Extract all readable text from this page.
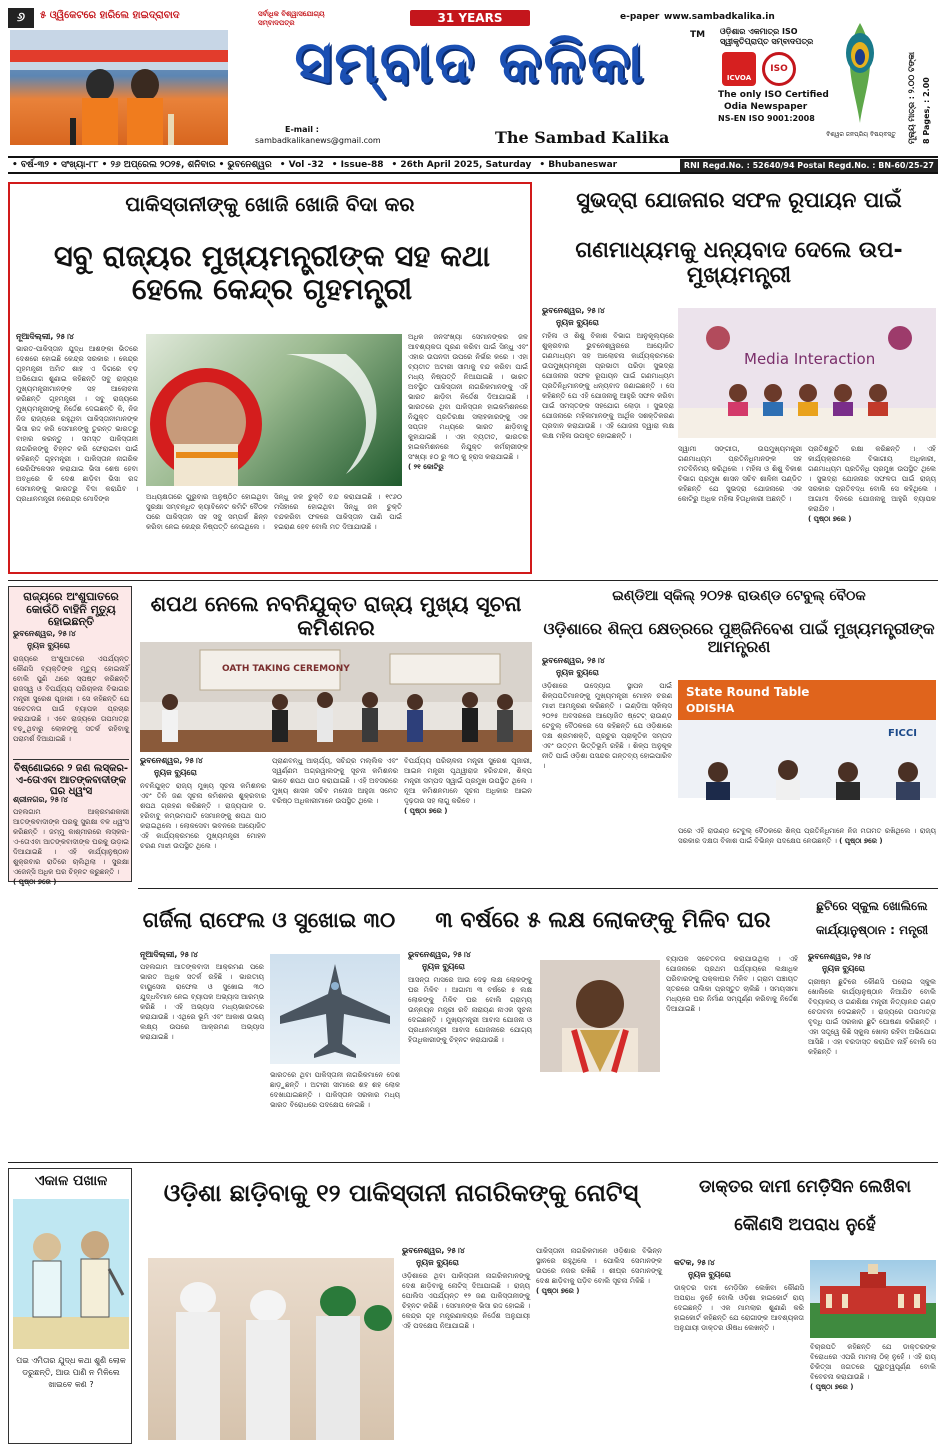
୬	୫ ଓ୍ୱିକେଟରେ ହାରିଲେ ହାଇଦ୍ରାବାଦ	ସର୍ବାଧିକ ବିଶ୍ୱାସଯୋଗ୍ୟ ସମ୍ବାଦପତ୍ର	31 YEARS
TM
ସମ୍ବାଦ କଳିକା
E-mail :
sambadkalikanews@gmail.com	The Sambad Kalika
e-paper www.sambadkalika.in
ଓଡ଼ିଶାର ଏକମାତ୍ର ISO ସ୍ୱୀକୃତିପ୍ରାପ୍ତ ସମ୍ବାଦପତ୍ର
ICVOA
ISO
The only ISO Certified
Odia Newspaper
NS-EN ISO 9001:2008
ବିଶ୍ୱର ଜନପ୍ରିୟ ବିଷୟବସ୍ତୁ ମୂଲ୍ୟ ମାତ୍ର : ୨.୦୦ ଟଙ୍କା 8 Pages, : 2.00
• ବର୍ଷ-୩୨ • ସଂଖ୍ୟା-୮୮ • ୨୬ ଅପ୍ରେଲ ୨୦୨୫, ଶନିବାର • ଭୁବନେଶ୍ୱର • Vol -32 • Issue-88 • 26th April 2025, Saturday • Bhubaneswar	RNI Regd.No. : 52640/94 Postal Regd.No. : BN-60/25-27
ପାକିସ୍ତାନୀଙ୍କୁ ଖୋଜି ଖୋଜି ବିଦା କର
ସବୁ ରାଜ୍ୟର ମୁଖ୍ୟମନ୍ତ୍ରୀଙ୍କ ସହ କଥା ହେଲେ କେନ୍ଦ୍ର ଗୃହମନ୍ତ୍ରୀ
ନୂଆଦିଲ୍ଲୀ, ୨୫।୪
ଭାରତ-ପାକିସ୍ତାନ ଯୁଦ୍ଧ ଆଶଙ୍କା ଭିତରେ ଦେଶରେ ହୋଇଛି କେନ୍ଦ୍ର ସରକାର । କେନ୍ଦ୍ର ଗୃହମନ୍ତ୍ରୀ ଅମିତ ଶାହ ଏ ଦିଗରେ ବଡ଼ ଅଭିଯୋଗ ଶୁଣାଇ କହିଛନ୍ତି ସବୁ ରାଜ୍ୟର ମୁଖ୍ୟମନ୍ତ୍ରୀମାନଙ୍କ ସହ ଆଲୋଚନା କରିଛନ୍ତି ଗୃହମନ୍ତ୍ରୀ । ସବୁ ରାଜ୍ୟରେ ମୁଖ୍ୟମନ୍ତ୍ରୀଙ୍କୁ ନିର୍ଦ୍ଦେଶ ଦେଇଛନ୍ତି କି, ନିଜ ନିଜ ରାଜ୍ୟରେ ରହୁଥିବା ପାକିସ୍ତାନୀମାନଙ୍କ ଭିସା ରଦ୍ଦ କରି ସେମାନଙ୍କୁ ତୁରନ୍ତ ଭାରତରୁ ବାହାର କରନ୍ତୁ । ସମସ୍ତ ପାକିସ୍ତାନୀ ନାଗରିକଙ୍କୁ ଚିହ୍ନଟ କରି ଫେରାଇବା ପାଇଁ କହିଛନ୍ତି ଗୃହମନ୍ତ୍ରୀ । ପାକିସ୍ତାନ ନାଗରିକ ଭେରିଫିକେସନ କରାଯାଇ ଭିସା ଶେଷ ହେବା ଅବଧିରେ କି ଦେଶ ଛାଡ଼ିବା ଭିସା ରଦ୍ଦ ସେମାନଙ୍କୁ ଭାରତରୁ ବିଦା କରାଯିବ । ପ୍ରଧାନମନ୍ତ୍ରୀ ନରେନ୍ଦ୍ର ମୋଦିଙ୍କ	ଅଧ୍ୟକ୍ଷତାରେ ଗୁରୁବାର ଅନୁଷ୍ଠିତ ହୋଇଥିବା ସୁରକ୍ଷା ସମ୍ବନ୍ଧିତ କ୍ୟାବିନେଟ କମିଟି ବୈଠକ ପରେ ପାକିସ୍ତାନ ସହ ସବୁ ସମ୍ପର୍କ ଛିନ୍ନ କରିବା ନେଇ କେନ୍ଦ୍ର ନିଷ୍ପତ୍ତି ନେଇଥିଲେ ।
ସିନ୍ଧୁ ଜଳ ଚୁକ୍ତି ବନ୍ଦ କରାଯାଇଛି । ୧୯୬୦ ମସିହାରେ ହୋଇଥିବା ସିନ୍ଧୁ ଜଳ ଚୁକ୍ତି ବନ୍ଦକରିବା ଫଳରେ ପାକିସ୍ତାନ ପାଣି ପାଇଁ ହଇରାଣ ହେବ ବୋଲି ମତ ଦିଆଯାଉଛି ।
ଅଧିକ ଜନସଂଖ୍ୟା ସେମାନଙ୍କର ଜଳ ଆବଶ୍ୟକତା ପୂରଣ କରିବା ପାଇଁ ସିନ୍ଧୁ ଏବଂ ଏହାର ଉପନଦୀ ଉପରେ ନିର୍ଭର କରେ । ଏହା ବ୍ୟତୀତ ଅଟାରୀ ସୀମାକୁ ବନ୍ଦ କରିବା ପାଇଁ ମଧ୍ୟ ନିଷ୍ପତ୍ତି ନିଆଯାଇଛି । ଭାରତ ଅବସ୍ଥିତ ପାକିସ୍ତାନୀ ନାଗରିକମାନଙ୍କୁ ଏହି ଭାରତ ଛାଡ଼ିବା ନିର୍ଦ୍ଦେଶ ଦିଆଯାଇଛି । ଭାରତରେ ଥିବା ପାକିସ୍ତାନ ହାଇକମିଶନରେ ନିଯୁକ୍ତ ପ୍ରତିରକ୍ଷା ସଲାହକାରଙ୍କୁ ଏକ ସପ୍ତାହ ମଧ୍ୟରେ ଭାରତ ଛାଡ଼ିବାକୁ କୁହାଯାଇଛି । ଏହା ବ୍ୟତୀତ, ଭାରତର ହାଇକମିଶନରେ ନିଯୁକ୍ତ କର୍ମଚାରୀଙ୍କ ସଂଖ୍ୟା ୫୦ ରୁ ୩୦ କୁ ହ୍ରାସ କରାଯାଇଛି ।
( ୨୧ କୋଟିରୁ
ସୁଭଦ୍ରା ଯୋଜନାର ସଫଳ ରୂପାୟନ ପାଇଁ
ଗଣମାଧ୍ୟମକୁ ଧନ୍ୟବାଦ ଦେଲେ ଉପ-ମୁଖ୍ୟମନ୍ତ୍ରୀ
ଭୁବନେଶ୍ୱର, ୨୫।୪
ନ୍ୟୁଜ ବ୍ୟୁରୋ
ମହିଳା ଓ ଶିଶୁ ବିକାଶ ବିଭାଗ ଆନୁକୂଲ୍ୟରେ ଶୁକ୍ରବାର ଭୁବନେଶ୍ୱରରେ ଆୟୋଜିତ ଗଣମାଧ୍ୟମ ସହ ଆଲୋଚନା କାର୍ଯ୍ୟକ୍ରମରେ ଉପମୁଖ୍ୟମନ୍ତ୍ରୀ ପ୍ରଭାତୀ ପରିଡ଼ା ସୁଭଦ୍ରା ଯୋଜନାର ସଫଳ ରୂପାୟନ ପାଇଁ ଗଣମାଧ୍ୟମ ପ୍ରତିନିଧିମାନଙ୍କୁ ଧନ୍ୟବାଦ ଜଣାଇଛନ୍ତି । ସେ କହିଛନ୍ତି ଯେ ଏହି ଯୋଜନାକୁ ଆହୁରି ସଫଳ କରିବା ପାଇଁ ସମସ୍ତଙ୍କ ସହଯୋଗ ଲୋଡ଼ା । ସୁଭଦ୍ରା ଯୋଜନାରେ ମହିଳାମାନଙ୍କୁ ଆର୍ଥିକ ସଶକ୍ତିକରଣ ପ୍ରଦାନ କରାଯାଉଛି । ଏହି ଯୋଜନା ଦ୍ୱାରା ଲକ୍ଷ ଲକ୍ଷ ମହିଳା ଉପକୃତ ହୋଇଛନ୍ତି ।
Media Interaction
ସ୍ୱାମୀ ସଙ୍ଗୀତା, ଉପମୁଖ୍ୟମନ୍ତ୍ରୀ ଗଣମାଧ୍ୟମ ପ୍ରତିନିଧିମାନଙ୍କ ସହ ମତବିନିମୟ କରିଥିଲେ । ମହିଳା ଓ ଶିଶୁ ବିକାଶ ବିଭାଗ ପ୍ରମୁଖ ଶାସନ ସଚିବ ଶାଳିନୀ ପଣ୍ଡିତ କହିଛନ୍ତି ଯେ ସୁଭଦ୍ରା ଯୋଜନାରେ ଏକ କୋଟିରୁ ଅଧିକ ମହିଳା ହିତାଧିକାରୀ ଅଛନ୍ତି ।
ପ୍ରତିଶ୍ରୁତି ରକ୍ଷା କରିଛନ୍ତି । ଏହି କାର୍ଯ୍ୟକ୍ରମରେ ବିଭାଗୀୟ ଅଧିକାରୀ, ଗଣମାଧ୍ୟମ ପ୍ରତିନିଧି ପ୍ରମୁଖ ଉପସ୍ଥିତ ଥିଲେ । ସୁଭଦ୍ରା ଯୋଜନାର ସଫଳତା ପାଇଁ ରାଜ୍ୟ ସରକାର ପ୍ରତିବଦ୍ଧ ବୋଲି ସେ କହିଥିଲେ । ଆଗାମୀ ଦିନରେ ଯୋଜନାକୁ ଆହୁରି ବ୍ୟାପକ କରାଯିବ ।
( ପୃଷ୍ଠା ୭ରେ )
ରାଜ୍ୟରେ ଅଂଶୁଘାତରେ କୋଉଁଠି ବାହିନି ମୃତ୍ୟୁ ହୋଇଛନ୍ତି
ଭୁବନେଶ୍ୱର, ୨୫।୪
ନ୍ୟୁଜ ବ୍ୟୁରୋ
ରାଜ୍ୟରେ ଅଂଶୁଘାତରେ ଏପର୍ଯ୍ୟନ୍ତ କୌଣସି ବ୍ୟକ୍ତିଙ୍କ ମୃତ୍ୟୁ ହୋଇନାହିଁ ବୋଲି ପୁଣି ଥରେ ସ୍ପଷ୍ଟ କରିଛନ୍ତି ରାଜସ୍ୱ ଓ ବିପର୍ଯ୍ୟୟ ପରିଚାଳନା ବିଭାଗର ମନ୍ତ୍ରୀ ସୁରେଶ ପୂଜାରୀ । ସେ କହିଛନ୍ତି ଯେ ସଚେତନତା ପାଇଁ ବ୍ୟାପକ ପ୍ରଚାର କରାଯାଉଛି । ଏବେ ରାଜ୍ୟରେ ତାପମାତ୍ରା ବଢ଼ୁଥିବାରୁ ଲୋକଙ୍କୁ ସତର୍କ ରହିବାକୁ ପରାମର୍ଶ ଦିଆଯାଇଛି ।
ବିଷ୍ଣୋଇରେ ୨ ଜଣ ଲସ୍କର-ଏ-ତୋଏବା ଆତଙ୍କବାଦୀଙ୍କ ଘର ଧ୍ୱଂସ
ଶ୍ରୀନଗର, ୨୫।୪
ପହଲଗାମ ଆକ୍ରମଣକାରୀ ଆତଙ୍କବାଦୀଙ୍କ ଘରକୁ ସୁରକ୍ଷା ବଳ ଧ୍ୱଂସ କରିଛନ୍ତି । ଜମ୍ମୁ କାଶ୍ମୀରରେ ଲସ୍କର-ଏ-ତୋଏବା ଆତଙ୍କବାଦୀଙ୍କ ଘରକୁ ଉଡ଼ାଇ ଦିଆଯାଇଛି । ଏହି କାର୍ଯ୍ୟାନୁଷ୍ଠାନ ଶୁକ୍ରବାର ରାତିରେ ଚାଲିଥିଲା । ସୁରକ୍ଷା ଏଜେନ୍ସି ଅଧିକ ଘର ଚିହ୍ନଟ କରୁଛନ୍ତି ।
( ପୃଷ୍ଠା ୭ରେ )
ଶପଥ ନେଲେ ନବନିଯୁକ୍ତ ରାଜ୍ୟ ମୁଖ୍ୟ ସୂଚନା କମିଶନର
OATH TAKING CEREMONY
ଭୁବନେଶ୍ୱର, ୨୫।୪
ନ୍ୟୁଜ ବ୍ୟୁରୋ
ନବନିଯୁକ୍ତ ରାଜ୍ୟ ମୁଖ୍ୟ ସୂଚନା କମିଶନର ଏବଂ ତିନି ଜଣ ସୂଚନା କମିଶନର ଶୁକ୍ରବାର ଶପଥ ଗ୍ରହଣ କରିଛନ୍ତି । ରାଜ୍ୟପାଳ ଡ. ହରିବାବୁ କମ୍ଭମପାଟି ସେମାନଙ୍କୁ ଶପଥ ପାଠ କରାଇଥିଲେ । ଲୋକସେବା ଭବନରେ ଆୟୋଜିତ ଏହି କାର୍ଯ୍ୟକ୍ରମରେ ମୁଖ୍ୟମନ୍ତ୍ରୀ ମୋହନ ଚରଣ ମାଝୀ ଉପସ୍ଥିତ ଥିଲେ ।
ପ୍ରାଣବନ୍ଧୁ ଆଚାର୍ଯ୍ୟ, ସଚିନ୍ଦ୍ର ମଲ୍ଲିକ ଏବଂ ସ୍ୱର୍ଣ୍ଣମ ଅଗ୍ରୱାଲଙ୍କୁ ସୂଚନା କମିଶନର ଭାବେ ଶପଥ ପାଠ କରାଯାଇଛି । ଏହି ଅବସରରେ ମୁଖ୍ୟ ଶାସନ ସଚିବ ମନୋଜ ଆହୁଜା ସମେତ ବରିଷ୍ଠ ଅଧିକାରୀମାନେ ଉପସ୍ଥିତ ଥିଲେ ।
ବିପର୍ଯ୍ୟୟ ପରିଚାଳନା ମନ୍ତ୍ରୀ ସୁରେଶ ପୂଜାରୀ, ଆଇନ ମନ୍ତ୍ରୀ ପୃଥ୍ୱୀରାଜ ହରିଚନ୍ଦନ, ଶିଳ୍ପ ମନ୍ତ୍ରୀ ସମ୍ପଦ ସ୍ୱାଇଁ ପ୍ରମୁଖ ଉପସ୍ଥିତ ଥିଲେ । ନୂଆ କମିଶନମାନେ ସୂଚନା ଅଧିକାର ଆଇନ ଦୃଢ଼ତାର ସହ ଲାଗୁ କରିବେ ।
( ପୃଷ୍ଠା ୭ରେ )
ଇଣ୍ଡିଆ ସ୍କିଲ୍ ୨୦୨୫ ରାଉଣ୍ଡ ଟେବୁଲ୍ ବୈଠକ
ଓଡ଼ିଶାରେ ଶିଳ୍ପ କ୍ଷେତ୍ରରେ ପୁଞ୍ଜିନିବେଶ ପାଇଁ ମୁଖ୍ୟମନ୍ତ୍ରୀଙ୍କ ଆମନ୍ତ୍ରଣ
ଭୁବନେଶ୍ୱର, ୨୫।୪
ନ୍ୟୁଜ ବ୍ୟୁରୋ
ଓଡ଼ିଶାରେ ଉଦ୍ୟୋଗ ସ୍ଥାପନ ପାଇଁ ଶିଳ୍ପପତିମାନଙ୍କୁ ମୁଖ୍ୟମନ୍ତ୍ରୀ ମୋହନ ଚରଣ ମାଝୀ ଆମନ୍ତ୍ରଣ କରିଛନ୍ତି । ଇଣ୍ଡିଆ ସ୍କିଲ୍ସ ୨୦୨୫ ଅବସରରେ ଆୟୋଜିତ ଷ୍ଟେଟ୍ ରାଉଣ୍ଡ ଟେବୁଲ୍ ବୈଠକରେ ସେ କହିଛନ୍ତି ଯେ ଓଡ଼ିଶାରେ ଦକ୍ଷ ଶ୍ରମଶକ୍ତି, ପ୍ରଚୁର ପ୍ରାକୃତିକ ସମ୍ପଦ ଏବଂ ଉତ୍ତମ ଭିତ୍ତିଭୂମି ରହିଛି । ଶିଳ୍ପ ଅନୁକୂଳ ନୀତି ପାଇଁ ଓଡ଼ିଶା ପସନ୍ଦର ଗନ୍ତବ୍ୟ ହୋଇପାରିବ ।
State Round Table
ODISHA
FICCI
ପରେ ଏହି ରାଉଣ୍ଡ ଟେବୁଲ୍ ବୈଠକରେ ଶିଳ୍ପ ପ୍ରତିନିଧିମାନେ ନିଜ ମତାମତ ରଖିଥିଲେ । ରାଜ୍ୟ ସରକାର ଦକ୍ଷତା ବିକାଶ ପାଇଁ ବିଭିନ୍ନ ପଦକ୍ଷେପ ନେଉଛନ୍ତି । ( ପୃଷ୍ଠା ୭ରେ )
ଗର୍ଜିଲା ରାଫେଲ ଓ ସୁଖୋଇ ୩୦
ନୂଆଦିଲ୍ଲୀ, ୨୫।୪
ପହଲଗାମ ଆତଙ୍କବାଦୀ ଆକ୍ରମଣ ପରେ ଭାରତ ଅଧିକ ସତର୍କ ରହିଛି । ଭାରତୀୟ ବାୟୁସେନା ରାଫେଲ ଓ ସୁଖୋଇ ୩୦ ଯୁଦ୍ଧବିମାନ ନେଇ ବ୍ୟାପକ ଅଭ୍ୟାସ ଆରମ୍ଭ କରିଛି । ଏହି ଅଭ୍ୟାସ ମଧ୍ୟଭାରତରେ କରାଯାଉଛି । ଏଥିରେ ଭୂମି ଏବଂ ଆକାଶ ଉଭୟ ଲକ୍ଷ୍ୟ ଉପରେ ଆକ୍ରମଣ ଅଭ୍ୟାସ କରାଯାଇଛି ।
ଭାରତରେ ଥିବା ପାକିସ୍ତାନୀ ନାଗରିକମାନେ ଦେଶ ଛାଡ଼ୁଛନ୍ତି । ଅଟାରୀ ସୀମାରେ ଶହ ଶହ ଲୋକ ଦେଖାଯାଇଛନ୍ତି । ପାକିସ୍ତାନ ସରକାର ମଧ୍ୟ ଭାରତ ବିରୋଧରେ ପଦକ୍ଷେପ ନେଇଛି ।
୩ ବର୍ଷରେ ୫ ଲକ୍ଷ ଲୋକଙ୍କୁ ମିଳିବ ଘର
ଭୁବନେଶ୍ୱର, ୨୫।୪
ନ୍ୟୁଜ ବ୍ୟୁରୋ
ଆସନ୍ତା ମାସରେ ଆଉ ଦେଢ଼ ଲକ୍ଷ ଲୋକଙ୍କୁ ଘର ମିଳିବ । ଆଗାମୀ ୩ ବର୍ଷରେ ୫ ଲକ୍ଷ ଲୋକଙ୍କୁ ମିଳିବ ଘର ବୋଲି ଗ୍ରାମ୍ୟ ଉନ୍ନୟନ ମନ୍ତ୍ରୀ ରବି ନାରାୟଣ ନାଏକ ସୂଚନା ଦେଇଛନ୍ତି । ମୁଖ୍ୟମନ୍ତ୍ରୀ ଆବାସ ଯୋଜନା ଓ ପ୍ରଧାନମନ୍ତ୍ରୀ ଆବାସ ଯୋଜନାରେ ଯୋଗ୍ୟ ହିତାଧିକାରୀଙ୍କୁ ଚିହ୍ନଟ କରାଯାଉଛି ।
ବ୍ୟାପକ ସଚେତନତା କରାଯାଉଥିଲା । ଏହି ଯୋଜନାରେ ପ୍ରଥମ ପର୍ଯ୍ୟାୟରେ ଲକ୍ଷାଧିକ ପରିବାରଙ୍କୁ ପକ୍କାଘର ମିଳିବ । ଗ୍ରାମ ପଞ୍ଚାୟତ ସ୍ତରରେ ତାଲିକା ପ୍ରସ୍ତୁତ ଚାଲିଛି । ସମୟସୀମା ମଧ୍ୟରେ ଘର ନିର୍ମାଣ ସମ୍ପୂର୍ଣ୍ଣ କରିବାକୁ ନିର୍ଦ୍ଦେଶ ଦିଆଯାଇଛି ।
ଛୁଟିରେ ସ୍କୁଲ ଖୋଲିଲେ
କାର୍ଯ୍ୟାନୁଷ୍ଠାନ : ମନ୍ତ୍ରୀ
ଭୁବନେଶ୍ୱର, ୨୫।୪
ନ୍ୟୁଜ ବ୍ୟୁରୋ
ଗ୍ରୀଷ୍ମ ଛୁଟିରେ କୌଣସି ଘରୋଇ ସ୍କୁଲ ଖୋଲିଲେ କାର୍ଯ୍ୟାନୁଷ୍ଠାନ ନିଆଯିବ ବୋଲି ବିଦ୍ୟାଳୟ ଓ ଗଣଶିକ୍ଷା ମନ୍ତ୍ରୀ ନିତ୍ୟାନନ୍ଦ ଗଣ୍ଡ ଚେତାବନୀ ଦେଇଛନ୍ତି । ରାଜ୍ୟରେ ତାପମାତ୍ରା ବୃଦ୍ଧି ପାଇଁ ସରକାର ଛୁଟି ଘୋଷଣା କରିଛନ୍ତି । ଏହା ସତ୍ତ୍ୱେ କିଛି ସ୍କୁଲ ଖୋଲା ରହିବା ଅଭିଯୋଗ ଆସିଛି । ଏହା ବରଦାସ୍ତ କରାଯିବ ନାହିଁ ବୋଲି ସେ କହିଛନ୍ତି ।
ଏକାଳ ପଖାଳ
ପଇ ଏମିତାର ଯୁଦ୍ଧ କଥା ଶୁଣି ଲୋକ ଡରୁଛନ୍ତି, ଆଉ ପାଣି ନ ମିଳିଲେ ଖାଇବେ କଣ ?
ଓଡ଼ିଶା ଛାଡ଼ିବାକୁ ୧୨ ପାକିସ୍ତାନୀ ନାଗରିକଙ୍କୁ ନୋଟିସ୍
ଭୁବନେଶ୍ୱର, ୨୫।୪
ନ୍ୟୁଜ ବ୍ୟୁରୋ
ଓଡ଼ିଶାରେ ଥିବା ପାକିସ୍ତାନୀ ନାଗରିକମାନଙ୍କୁ ଦେଶ ଛାଡ଼ିବାକୁ ନୋଟିସ୍ ଦିଆଯାଇଛି । ରାଜ୍ୟ ପୋଲିସ ଏପର୍ଯ୍ୟନ୍ତ ୧୨ ଜଣ ପାକିସ୍ତାନୀଙ୍କୁ ଚିହ୍ନଟ କରିଛି । ସେମାନଙ୍କ ଭିସା ରଦ୍ଦ ହୋଇଛି । କେନ୍ଦ୍ର ଗୃହ ମନ୍ତ୍ରଣାଳୟର ନିର୍ଦ୍ଦେଶ ଅନୁଯାୟୀ ଏହି ପଦକ୍ଷେପ ନିଆଯାଇଛି ।
ପାକିସ୍ତାନୀ ନାଗରିକମାନେ ଓଡ଼ିଶାର ବିଭିନ୍ନ ସ୍ଥାନରେ ରହୁଥିଲେ । ପୋଲିସ ସେମାନଙ୍କ ଉପରେ ନଜର ରଖିଛି । ଶୀଘ୍ର ସେମାନଙ୍କୁ ଦେଶ ଛାଡ଼ିବାକୁ ପଡ଼ିବ ବୋଲି ସୂଚନା ମିଳିଛି ।
( ପୃଷ୍ଠା ୭ରେ )
ଡାକ୍ତର ଦାମୀ ମେଡ଼ିସିନ ଲେଖିବା
କୌଣସି ଅପରାଧ ନୁହେଁ
କଟକ, ୨୫।୪
ନ୍ୟୁଜ ବ୍ୟୁରୋ
ଡାକ୍ତର ଦାମୀ ମେଡ଼ିସିନ ଲେଖିବା କୌଣସି ଅପରାଧ ନୁହେଁ ବୋଲି ଓଡ଼ିଶା ହାଇକୋର୍ଟ ରାୟ ଦେଇଛନ୍ତି । ଏକ ମାମଲାର ଶୁଣାଣି କରି ହାଇକୋର୍ଟ କହିଛନ୍ତି ଯେ ରୋଗୀଙ୍କ ଆବଶ୍ୟକତା ଅନୁଯାୟୀ ଡାକ୍ତର ଔଷଧ ଲେଖନ୍ତି ।
ବିଚାରପତି କହିଛନ୍ତି ଯେ ଡାକ୍ତରଙ୍କ ବିରୋଧରେ ଏପରି ମାମଲା ଠିକ୍ ନୁହେଁ । ଏହି ରାୟ ଚିକିତ୍ସା ଜଗତରେ ଗୁରୁତ୍ୱପୂର୍ଣ୍ଣ ବୋଲି ବିବେଚନା କରାଯାଉଛି ।
( ପୃଷ୍ଠା ୭ରେ )
